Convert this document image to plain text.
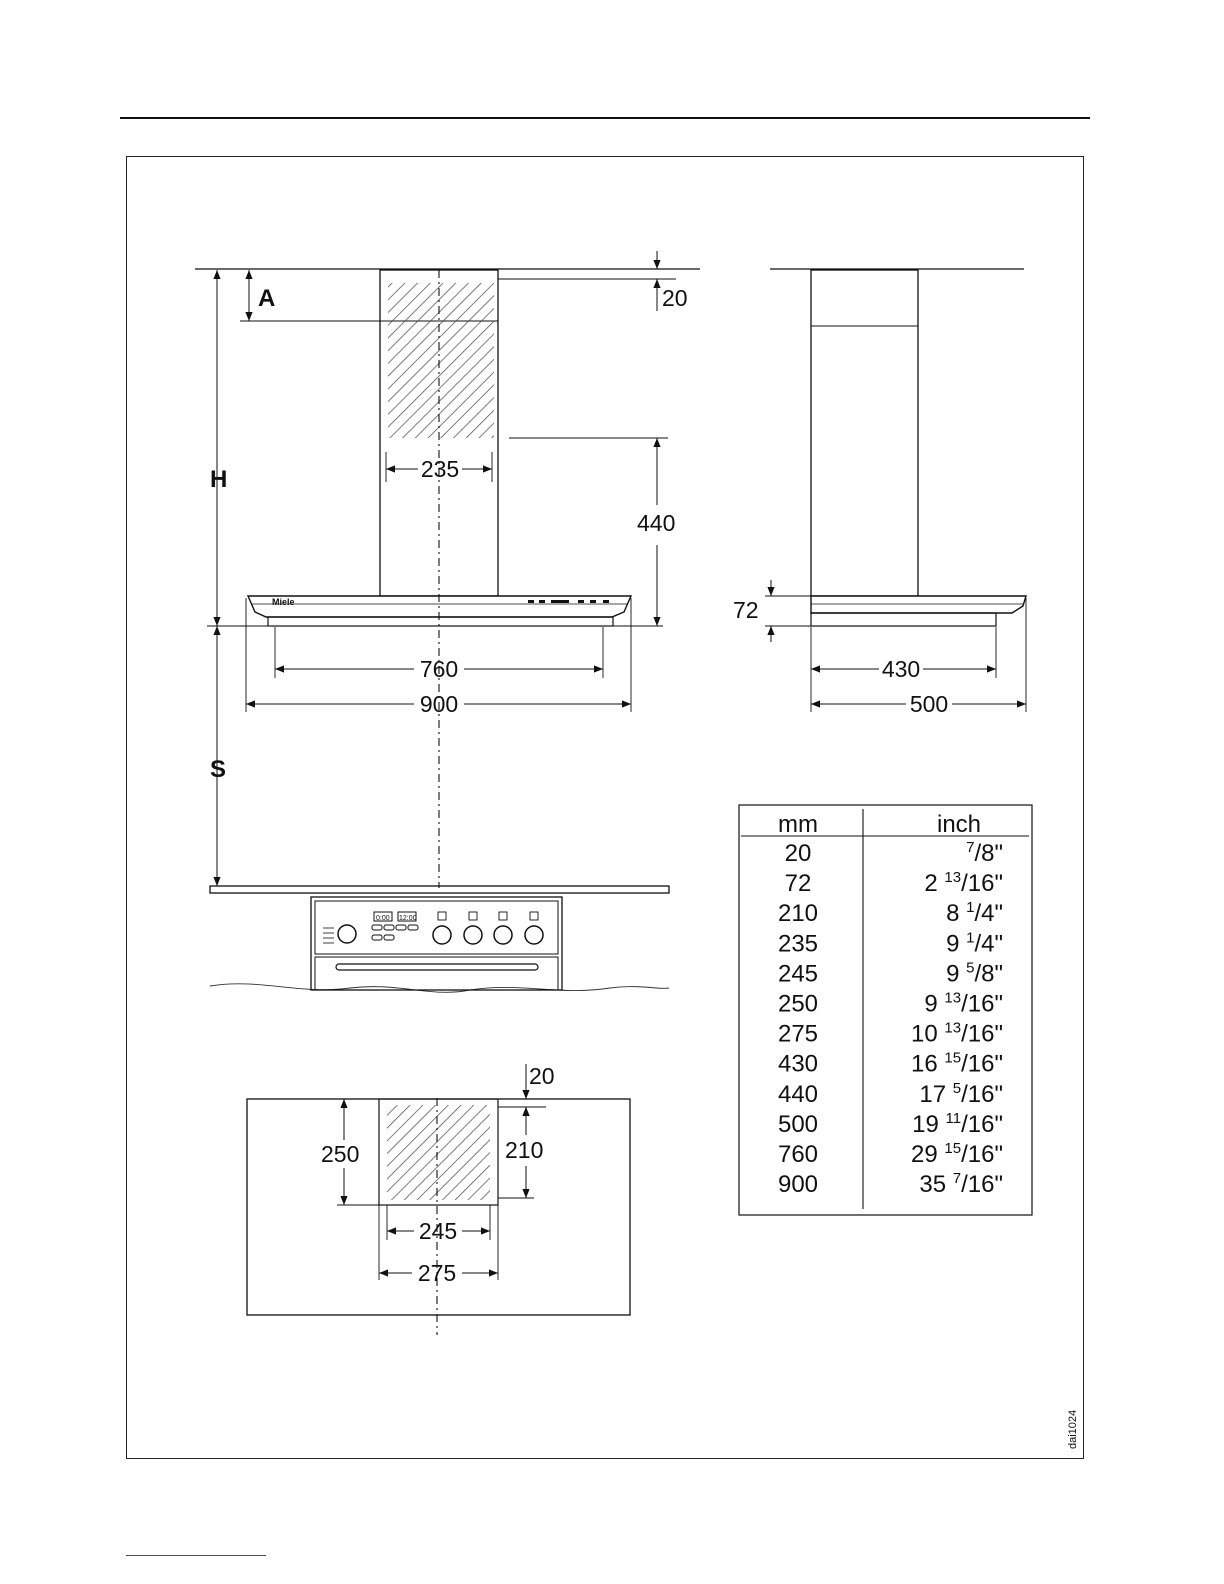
Miele
20
A
H
S
235
440
760
900
0:00 12:00
72
430
500
20
250	210
245
275
mm	inch
20	$^7$/8"
72	2 $^{13}$/16"
210	8 $^1$/4"
235	9 $^1$/4"
245	9 $^5$/8"
250	9 $^{13}$/16"
275	10 $^{13}$/16"
430	16 $^{15}$/16"
440	17 $^5$/16"
500	19 $^{11}$/16"
760	29 $^{15}$/16"
900	35 $^7$/16"
dai1024
